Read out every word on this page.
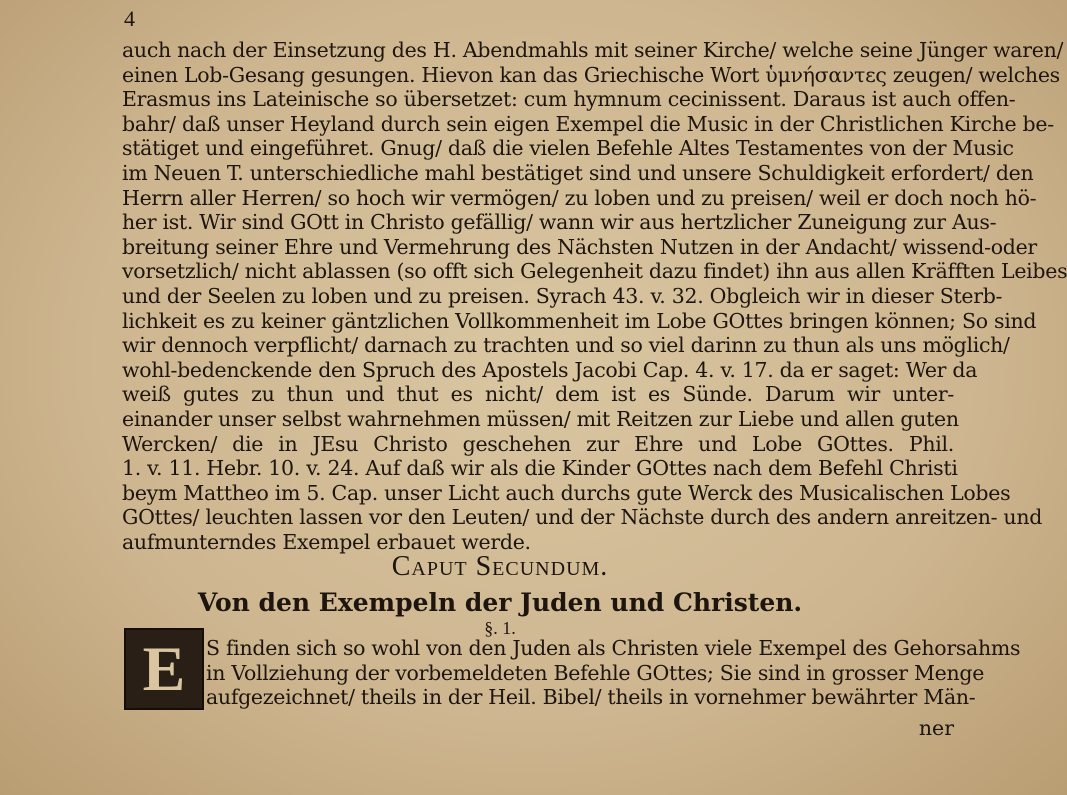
4
auch nach der Einsetzung des H. Abendmahls mit seiner Kirche/ welche seine Jünger waren/
einen Lob-Gesang gesungen. Hievon kan das Griechische Wort ὑμνήσαντες zeugen/ welches
Erasmus ins Lateinische so übersetzet: cum hymnum cecinissent. Daraus ist auch offen-
bahr/ daß unser Heyland durch sein eigen Exempel die Music in der Christlichen Kirche be-
stätiget und eingeführet. Gnug/ daß die vielen Befehle Altes Testamentes von der Music
im Neuen T. unterschiedliche mahl bestätiget sind und unsere Schuldigkeit erfordert/ den
Herrn aller Herren/ so hoch wir vermögen/ zu loben und zu preisen/ weil er doch noch hö-
her ist. Wir sind GOtt in Christo gefällig/ wann wir aus hertzlicher Zuneigung zur Aus-
breitung seiner Ehre und Vermehrung des Nächsten Nutzen in der Andacht/ wissend-oder
vorsetzlich/ nicht ablassen (so offt sich Gelegenheit dazu findet) ihn aus allen Kräfften Leibes
und der Seelen zu loben und zu preisen. Syrach 43. v. 32. Obgleich wir in dieser Sterb-
lichkeit es zu keiner gäntzlichen Vollkommenheit im Lobe GOttes bringen können; So sind
wir dennoch verpflicht/ darnach zu trachten und so viel darinn zu thun als uns möglich/
wohl-bedenckende den Spruch des Apostels Jacobi Cap. 4. v. 17. da er saget: Wer da
weiß gutes zu thun und thut es nicht/ dem ist es Sünde. Darum wir unter-
einander unser selbst wahrnehmen müssen/ mit Reitzen zur Liebe und allen guten
Wercken/ die in JEsu Christo geschehen zur Ehre und Lobe GOttes. Phil.
1. v. 11. Hebr. 10. v. 24. Auf daß wir als die Kinder GOttes nach dem Befehl Christi
beym Mattheo im 5. Cap. unser Licht auch durchs gute Werck des Musicalischen Lobes
GOttes/ leuchten lassen vor den Leuten/ und der Nächste durch des andern anreitzen- und
aufmunterndes Exempel erbauet werde.
Caput Secundum.
Von den Exempeln der Juden und Christen.
§. 1.
E S finden sich so wohl von den Juden als Christen viele Exempel des Gehorsahms
in Vollziehung der vorbemeldeten Befehle GOttes; Sie sind in grosser Menge
aufgezeichnet/ theils in der Heil. Bibel/ theils in vornehmer bewährter Män-
ner
